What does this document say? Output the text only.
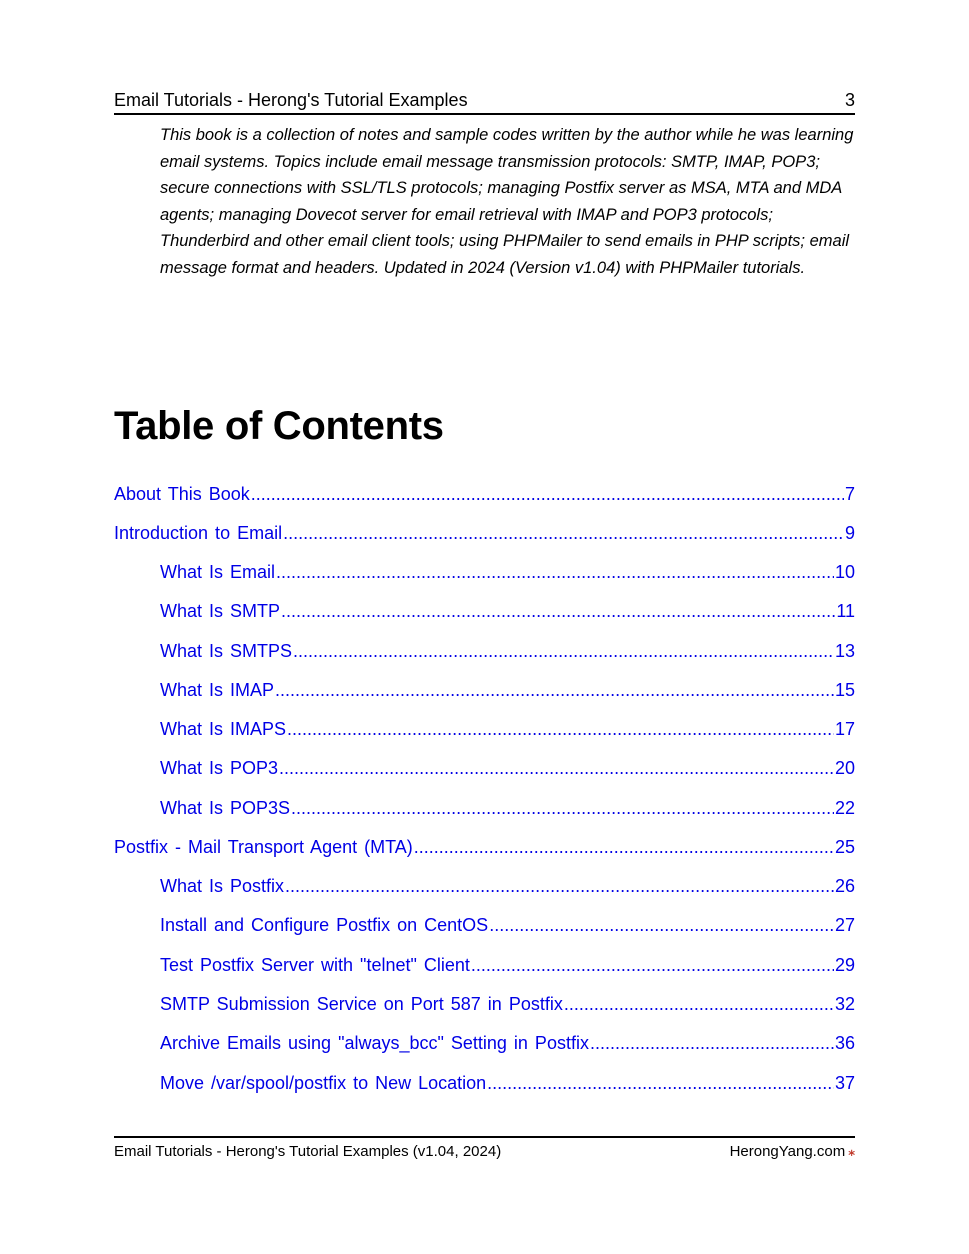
Email Tutorials - Herong's Tutorial Examples	3

This book is a collection of notes and sample codes written by the author while he was learning email systems. Topics include email message transmission protocols: SMTP, IMAP, POP3; secure connections with SSL/TLS protocols; managing Postfix server as MSA, MTA and MDA agents; managing Dovecot server for email retrieval with IMAP and POP3 protocols; Thunderbird and other email client tools; using PHPMailer to send emails in PHP scripts; email message format and headers. Updated in 2024 (Version v1.04) with PHPMailer tutorials.

Table of Contents
About This Book .....	7
Introduction to Email .....	9
What Is Email .....	10
What Is SMTP .....	11
What Is SMTPS .....	13
What Is IMAP .....	15
What Is IMAPS .....	17
What Is POP3 .....	20
What Is POP3S .....	22
Postfix - Mail Transport Agent (MTA) .....	25
What Is Postfix .....	26
Install and Configure Postfix on CentOS .....	27
Test Postfix Server with "telnet" Client .....	29
SMTP Submission Service on Port 587 in Postfix .....	32
Archive Emails using "always_bcc" Setting in Postfix .....	36
Move /var/spool/postfix to New Location .....	37
Email Tutorials - Herong's Tutorial Examples (v1.04, 2024)	HerongYang.com ⁎
